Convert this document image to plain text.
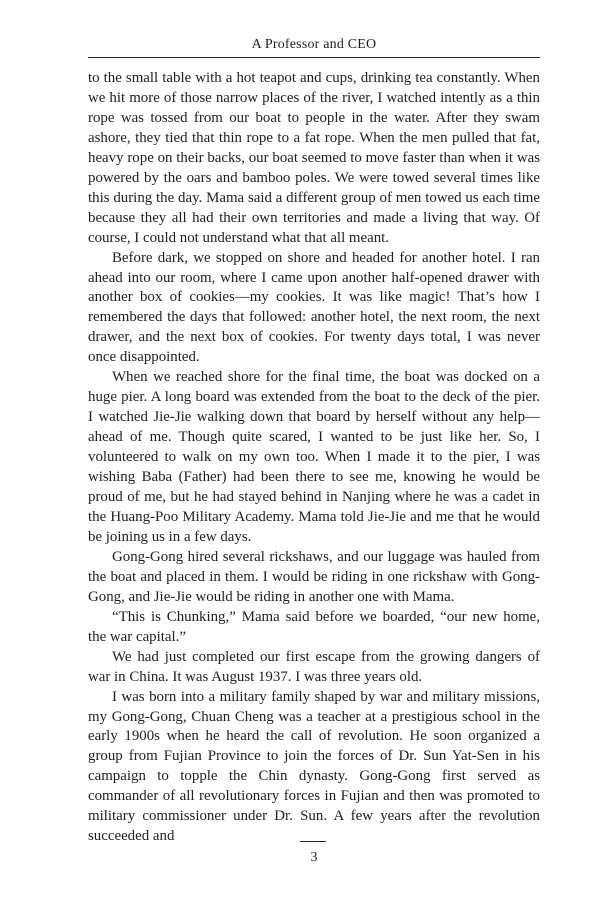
A Professor and CEO

to the small table with a hot teapot and cups, drinking tea constantly. When we hit more of those narrow places of the river, I watched intently as a thin rope was tossed from our boat to people in the water. After they swam ashore, they tied that thin rope to a fat rope. When the men pulled that fat, heavy rope on their backs, our boat seemed to move faster than when it was powered by the oars and bamboo poles. We were towed several times like this during the day. Mama said a different group of men towed us each time because they all had their own territories and made a living that way. Of course, I could not understand what that all meant.

Before dark, we stopped on shore and headed for another hotel. I ran ahead into our room, where I came upon another half-opened drawer with another box of cookies—my cookies. It was like magic! That’s how I remembered the days that followed: another hotel, the next room, the next drawer, and the next box of cookies. For twenty days total, I was never once disappointed.

When we reached shore for the final time, the boat was docked on a huge pier. A long board was extended from the boat to the deck of the pier. I watched Jie-Jie walking down that board by herself without any help—ahead of me. Though quite scared, I wanted to be just like her. So, I volunteered to walk on my own too. When I made it to the pier, I was wishing Baba (Father) had been there to see me, knowing he would be proud of me, but he had stayed behind in Nanjing where he was a cadet in the Huang-Poo Military Academy. Mama told Jie-Jie and me that he would be joining us in a few days.

Gong-Gong hired several rickshaws, and our luggage was hauled from the boat and placed in them. I would be riding in one rickshaw with Gong-Gong, and Jie-Jie would be riding in another one with Mama.

“This is Chunking,” Mama said before we boarded, “our new home, the war capital.”

We had just completed our first escape from the growing dangers of war in China. It was August 1937. I was three years old.

I was born into a military family shaped by war and military missions, my Gong-Gong, Chuan Cheng was a teacher at a prestigious school in the early 1900s when he heard the call of revolution. He soon organized a group from Fujian Province to join the forces of Dr. Sun Yat-Sen in his campaign to topple the Chin dynasty. Gong-Gong first served as commander of all revolutionary forces in Fujian and then was promoted to military commissioner under Dr. Sun. A few years after the revolution succeeded and

3
